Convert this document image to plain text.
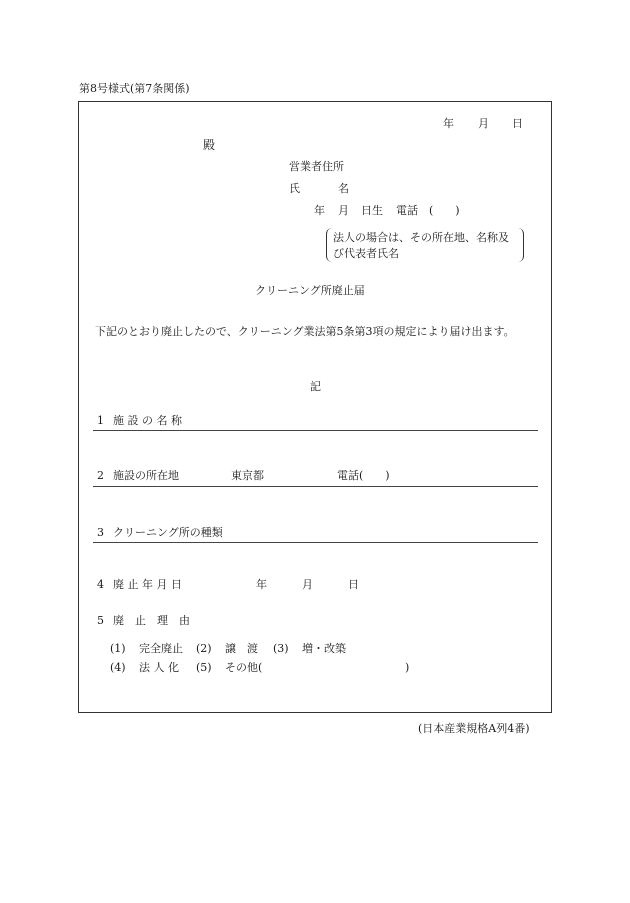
第8号様式(第7条関係)
年 月 日
殿
営業者住所
氏	名
年 月 日生 電話 (　　)
法人の場合は、その所在地、名称及
び代表者氏名
クリーニング所廃止届
下記のとおり廃止したので、クリーニング業法第5条第3項の規定により届け出ます。
記
1 施 設 の 名 称
2 施設の所在地	東京都	電話(　　)
3 クリーニング所の種類
4 廃 止 年 月 日	年	月	日
5 廃　止　理　由
(1) 完全廃止 (2) 譲　渡 (3) 増・改築
(4) 法 人 化 (5) その他(	)
(日本産業規格A列4番)
